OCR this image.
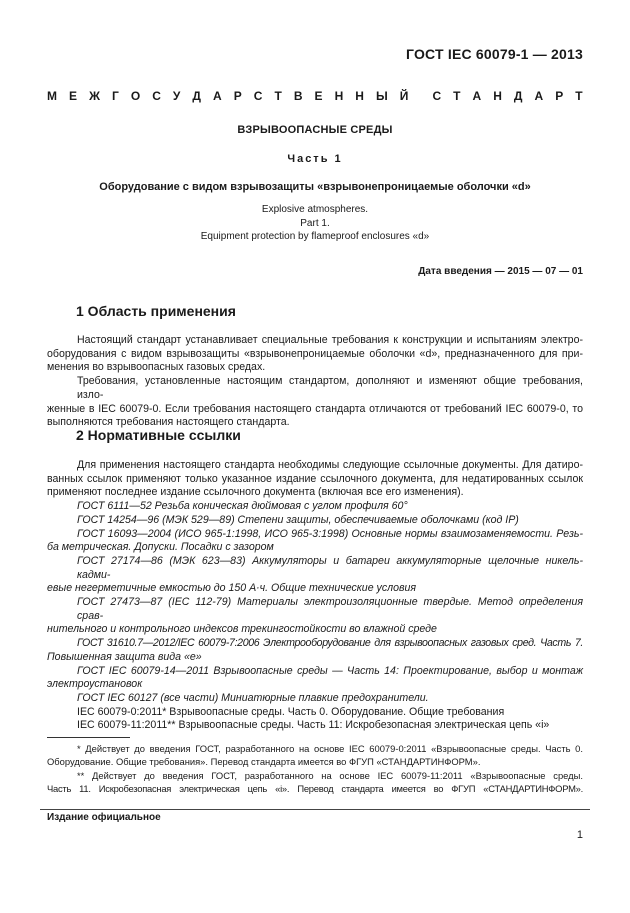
ГОСТ IEC 60079-1 — 2013
М Е Ж Г О С У Д А Р С Т В Е Н Н Ы Й С Т А Н Д А Р Т
ВЗРЫВООПАСНЫЕ СРЕДЫ
Часть 1
Оборудование с видом взрывозащиты «взрывонепроницаемые оболочки «d»
Explosive atmospheres.
Part 1.
Equipment protection by flameproof enclosures «d»
Дата введения — 2015 — 07 — 01
1 Область применения
Настоящий стандарт устанавливает специальные требования к конструкции и испытаниям электро-
оборудования с видом взрывозащиты «взрывонепроницаемые оболочки «d», предназначенного для при-
менения во взрывоопасных газовых средах.
Требования, установленные настоящим стандартом, дополняют и изменяют общие требования, изло-
женные в IEC 60079-0. Если требования настоящего стандарта отличаются от требований IEC 60079-0, то
выполняются требования настоящего стандарта.
2 Нормативные ссылки
Для применения настоящего стандарта необходимы следующие ссылочные документы. Для датиро-
ванных ссылок применяют только указанное издание ссылочного документа, для недатированных ссылок
применяют последнее издание ссылочного документа (включая все его изменения).
ГОСТ 6111—52 Резьба коническая дюймовая с углом профиля 60°
ГОСТ 14254—96 (МЭК 529—89) Степени защиты, обеспечиваемые оболочками (код IP)
ГОСТ 16093—2004 (ИСО 965-1:1998, ИСО 965-3:1998) Основные нормы взаимозаменяемости. Резь-
ба метрическая. Допуски. Посадки с зазором
ГОСТ 27174—86 (МЭК 623—83) Аккумуляторы и батареи аккумуляторные щелочные никель-кадми-
евые негерметичные емкостью до 150 А·ч. Общие технические условия
ГОСТ 27473—87 (IEC 112-79) Материалы электроизоляционные твердые. Метод определения срав-
нительного и контрольного индексов трекингостойкости во влажной среде
ГОСТ 31610.7—2012/IEC 60079-7:2006 Электрооборудование для взрывоопасных газовых сред. Часть 7.
Повышенная защита вида «е»
ГОСТ IEC 60079-14—2011 Взрывоопасные среды — Часть 14: Проектирование, выбор и монтаж
электроустановок
ГОСТ IEC 60127 (все части) Миниатюрные плавкие предохранители.
IEC 60079-0:2011* Взрывоопасные среды. Часть 0. Оборудование. Общие требования
IEC 60079-11:2011** Взрывоопасные среды. Часть 11: Искробезопасная электрическая цепь «i»
* Действует до введения ГОСТ, разработанного на основе IEC 60079-0:2011 «Взрывоопасные среды. Часть 0.
Оборудование. Общие требования». Перевод стандарта имеется во ФГУП «СТАНДАРТИНФОРМ».
** Действует до введения ГОСТ, разработанного на основе IEC 60079-11:2011 «Взрывоопасные среды.
Часть 11. Искробезопасная электрическая цепь «i». Перевод стандарта имеется во ФГУП «СТАНДАРТИНФОРМ».
Издание официальное
1
